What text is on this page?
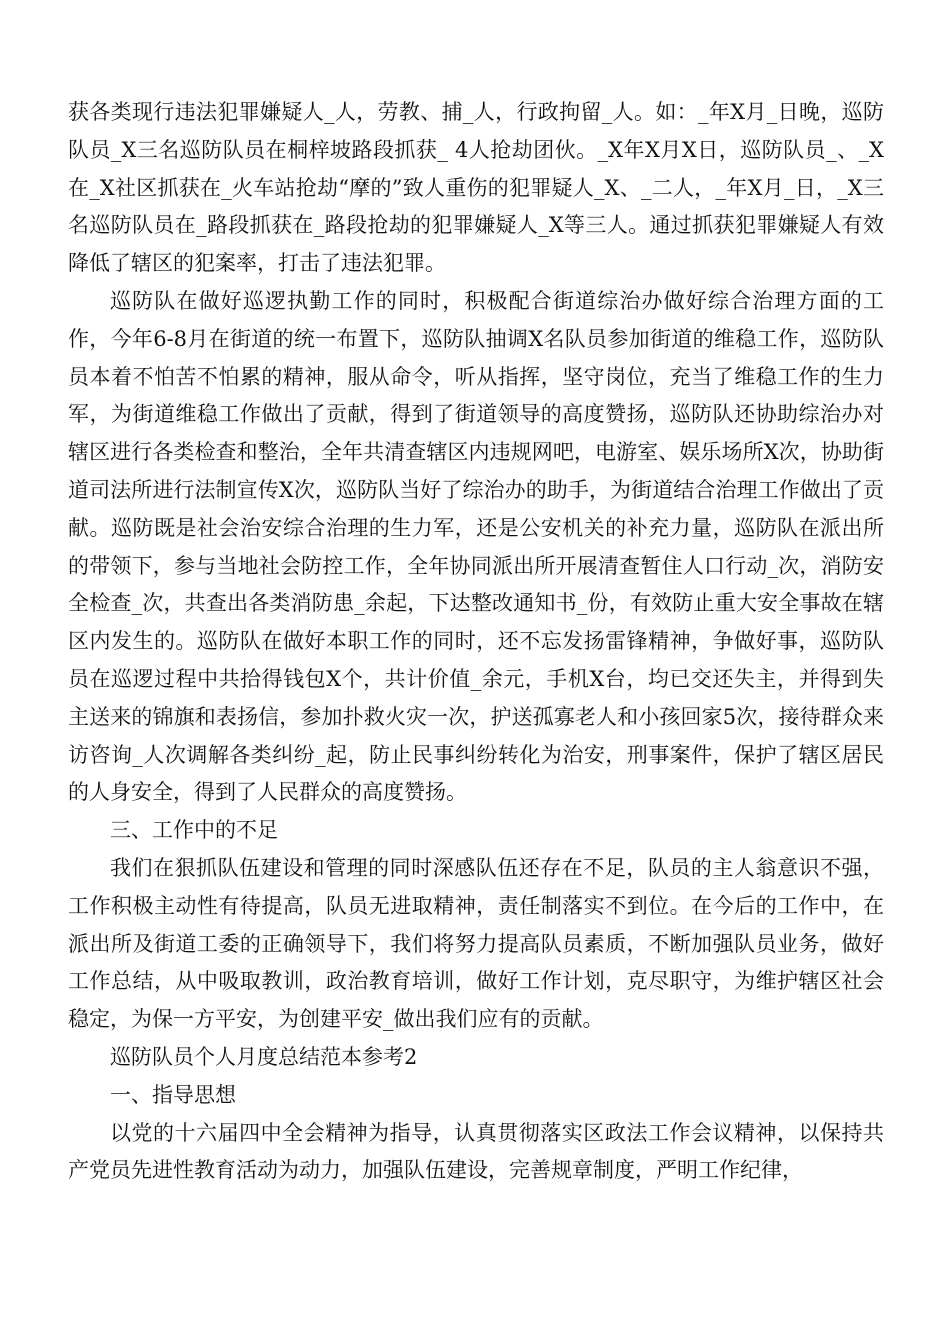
获各类现行违法犯罪嫌疑人_人，劳教、捕_人，行政拘留_人。如：_年X月_日晚，巡防队员_X三名巡防队员在桐梓坡路段抓获_ 4人抢劫团伙。_X年X月X日，巡防队员_、_X在_X社区抓获在_火车站抢劫“摩的”致人重伤的犯罪疑人_X、_二人，_年X月_日，_X三名巡防队员在_路段抓获在_路段抢劫的犯罪嫌疑人_X等三人。通过抓获犯罪嫌疑人有效降低了辖区的犯案率，打击了违法犯罪。

巡防队在做好巡逻执勤工作的同时，积极配合街道综治办做好综合治理方面的工作，今年6-8月在街道的统一布置下，巡防队抽调X名队员参加街道的维稳工作，巡防队员本着不怕苦不怕累的精神，服从命令，听从指挥，坚守岗位，充当了维稳工作的生力军，为街道维稳工作做出了贡献，得到了街道领导的高度赞扬，巡防队还协助综治办对辖区进行各类检查和整治，全年共清查辖区内违规网吧，电游室、娱乐场所X次，协助街道司法所进行法制宣传X次，巡防队当好了综治办的助手，为街道结合治理工作做出了贡献。巡防既是社会治安综合治理的生力军，还是公安机关的补充力量，巡防队在派出所的带领下，参与当地社会防控工作，全年协同派出所开展清查暂住人口行动_次，消防安全检查_次，共查出各类消防患_余起，下达整改通知书_份，有效防止重大安全事故在辖区内发生的。巡防队在做好本职工作的同时，还不忘发扬雷锋精神，争做好事，巡防队员在巡逻过程中共拾得钱包X个，共计价值_余元，手机X台，均已交还失主，并得到失主送来的锦旗和表扬信，参加扑救火灾一次，护送孤寡老人和小孩回家5次，接待群众来访咨询_人次调解各类纠纷_起，防止民事纠纷转化为治安，刑事案件，保护了辖区居民的人身安全，得到了人民群众的高度赞扬。

三、工作中的不足

我们在狠抓队伍建设和管理的同时深感队伍还存在不足，队员的主人翁意识不强，工作积极主动性有待提高，队员无进取精神，责任制落实不到位。在今后的工作中，在派出所及街道工委的正确领导下，我们将努力提高队员素质，不断加强队员业务，做好工作总结，从中吸取教训，政治教育培训，做好工作计划，克尽职守，为维护辖区社会稳定，为保一方平安，为创建平安_做出我们应有的贡献。

巡防队员个人月度总结范本参考2

一、指导思想

以党的十六届四中全会精神为指导，认真贯彻落实区政法工作会议精神，以保持共产党员先进性教育活动为动力，加强队伍建设，完善规章制度，严明工作纪律，
